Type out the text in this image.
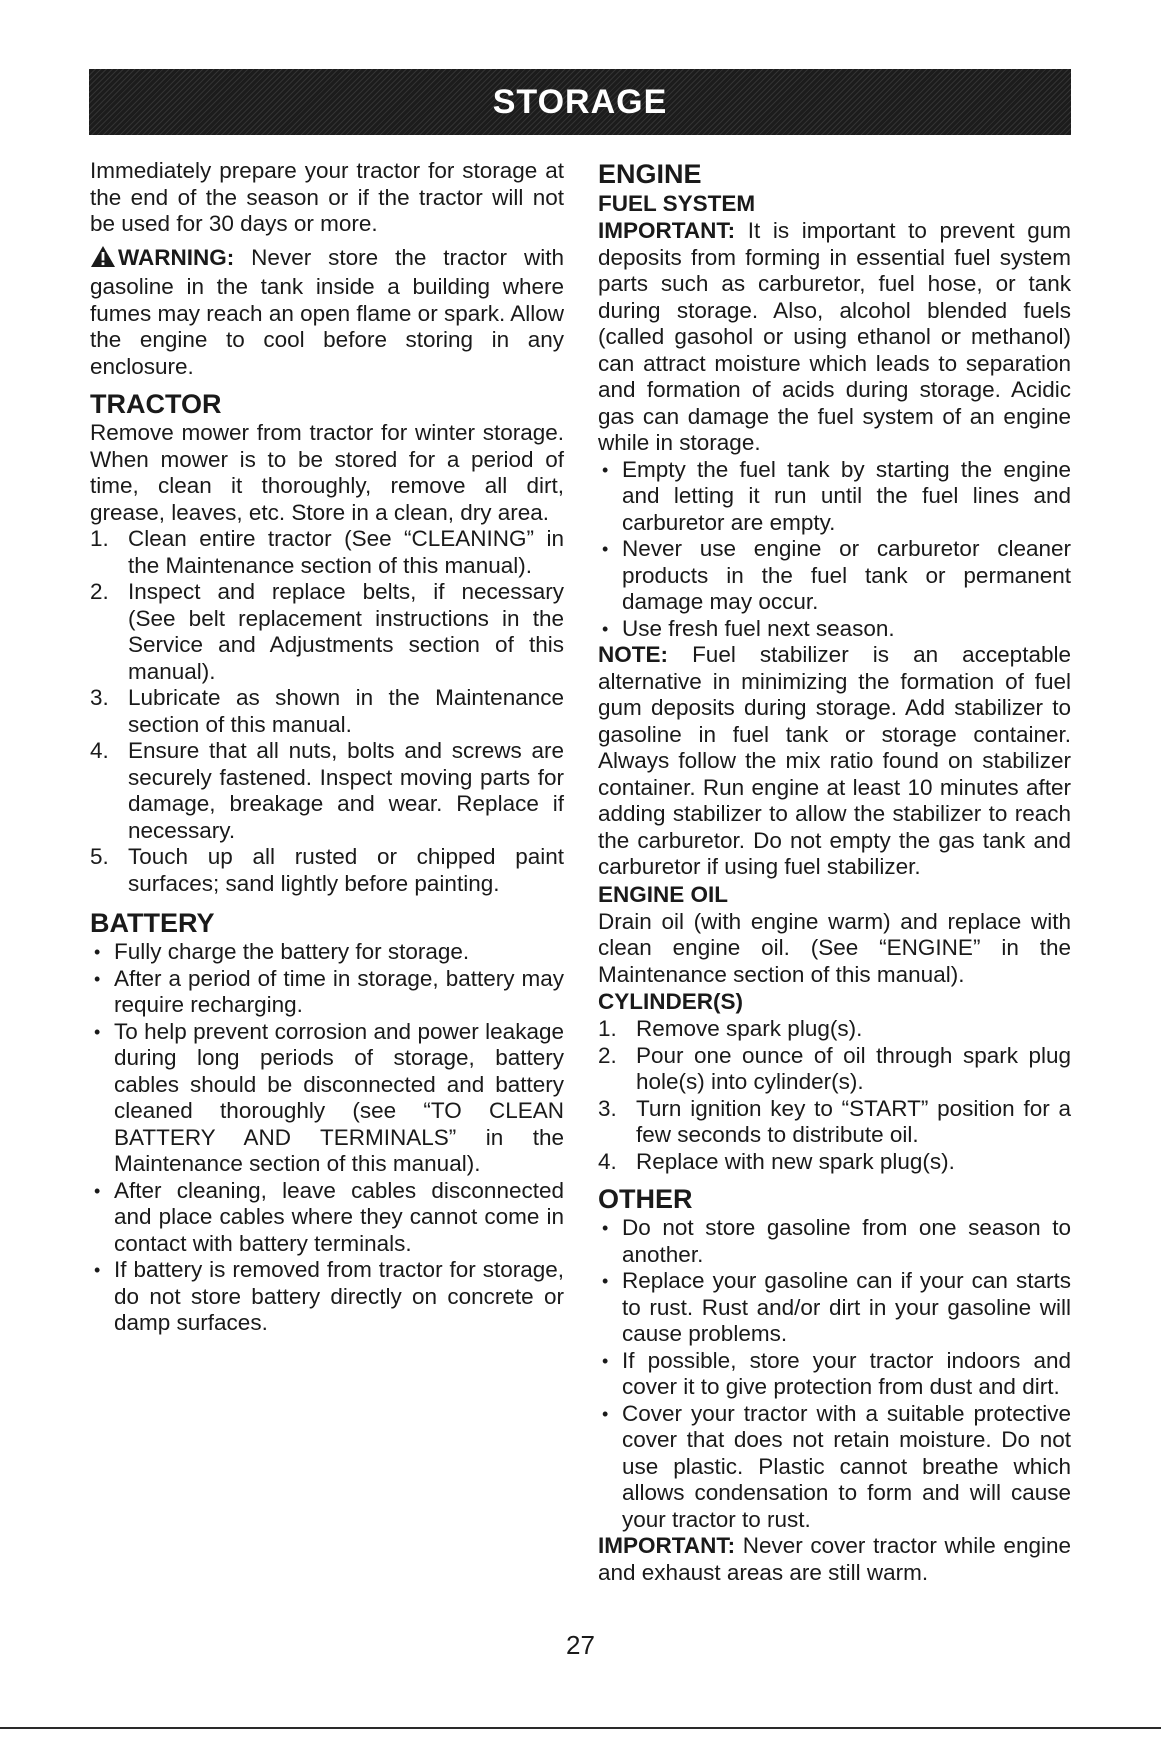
STORAGE

Immediately prepare your tractor for storage at the end of the season or if the tractor will not be used for 30 days or more.

WARNING: Never store the tractor with gasoline in the tank inside a building where fumes may reach an open flame or spark. Allow the engine to cool before storing in any enclosure.

TRACTOR

Remove mower from tractor for winter storage. When mower is to be stored for a period of time, clean it thoroughly, remove all dirt, grease, leaves, etc. Store in a clean, dry area.

1. Clean entire tractor (See “CLEANING” in the Maintenance section of this manual).
2. Inspect and replace belts, if necessary (See belt replacement instructions in the Service and Adjustments section of this manual).
3. Lubricate as shown in the Maintenance section of this manual.
4. Ensure that all nuts, bolts and screws are securely fastened. Inspect moving parts for damage, breakage and wear. Replace if necessary.
5. Touch up all rusted or chipped paint surfaces; sand lightly before painting.
BATTERY
• Fully charge the battery for storage.
• After a period of time in storage, battery may require recharging.
• To help prevent corrosion and power leakage during long periods of storage, battery cables should be disconnected and battery cleaned thoroughly (see “TO CLEAN BATTERY AND TERMINALS” in the Maintenance section of this manual).
• After cleaning, leave cables disconnected and place cables where they cannot come in contact with battery terminals.
• If battery is removed from tractor for storage, do not store battery directly on concrete or damp surfaces.
ENGINE
FUEL SYSTEM

IMPORTANT: It is important to prevent gum deposits from forming in essential fuel system parts such as carburetor, fuel hose, or tank during storage. Also, alcohol blended fuels (called gasohol or using ethanol or methanol) can attract moisture which leads to separation and formation of acids during storage. Acidic gas can damage the fuel system of an engine while in storage.

• Empty the fuel tank by starting the engine and letting it run until the fuel lines and carburetor are empty.
• Never use engine or carburetor cleaner products in the fuel tank or permanent damage may occur.
• Use fresh fuel next season.

NOTE: Fuel stabilizer is an acceptable alternative in minimizing the formation of fuel gum deposits during storage. Add stabilizer to gasoline in fuel tank or storage container. Always follow the mix ratio found on stabilizer container. Run engine at least 10 minutes after adding stabilizer to allow the stabilizer to reach the carburetor. Do not empty the gas tank and carburetor if using fuel stabilizer.

ENGINE OIL

Drain oil (with engine warm) and replace with clean engine oil. (See “ENGINE” in the Maintenance section of this manual).

CYLINDER(S)
1. Remove spark plug(s).
2. Pour one ounce of oil through spark plug hole(s) into cylinder(s).
3. Turn ignition key to “START” position for a few seconds to distribute oil.
4. Replace with new spark plug(s).
OTHER
• Do not store gasoline from one season to another.
• Replace your gasoline can if your can starts to rust. Rust and/or dirt in your gasoline will cause problems.
• If possible, store your tractor indoors and cover it to give protection from dust and dirt.
• Cover your tractor with a suitable protective cover that does not retain moisture. Do not use plastic. Plastic cannot breathe which allows condensation to form and will cause your tractor to rust.

IMPORTANT: Never cover tractor while engine and exhaust areas are still warm.

27
